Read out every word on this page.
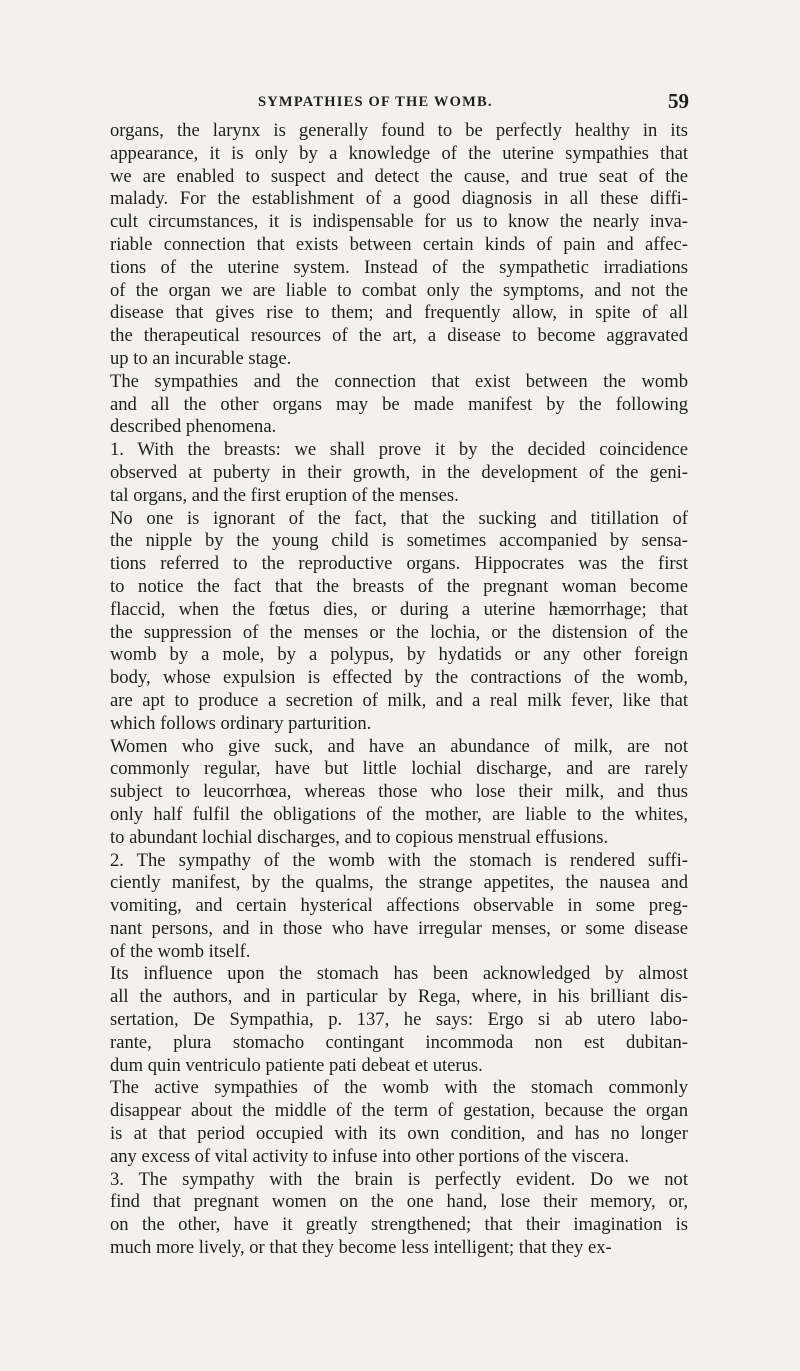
SYMPATHIES OF THE WOMB.	59

organs, the larynx is generally found to be perfectly healthy in its

appearance, it is only by a knowledge of the uterine sympathies that

we are enabled to suspect and detect the cause, and true seat of the

malady. For the establishment of a good diagnosis in all these diffi-

cult circumstances, it is indispensable for us to know the nearly inva-

riable connection that exists between certain kinds of pain and affec-

tions of the uterine system. Instead of the sympathetic irradiations

of the organ we are liable to combat only the symptoms, and not the

disease that gives rise to them; and frequently allow, in spite of all

the therapeutical resources of the art, a disease to become aggravated

up to an incurable stage.

The sympathies and the connection that exist between the womb

and all the other organs may be made manifest by the following

described phenomena.

1. With the breasts: we shall prove it by the decided coincidence

observed at puberty in their growth, in the development of the geni-

tal organs, and the first eruption of the menses.

No one is ignorant of the fact, that the sucking and titillation of

the nipple by the young child is sometimes accompanied by sensa-

tions referred to the reproductive organs. Hippocrates was the first

to notice the fact that the breasts of the pregnant woman become

flaccid, when the fœtus dies, or during a uterine hæmorrhage; that

the suppression of the menses or the lochia, or the distension of the

womb by a mole, by a polypus, by hydatids or any other foreign

body, whose expulsion is effected by the contractions of the womb,

are apt to produce a secretion of milk, and a real milk fever, like that

which follows ordinary parturition.

Women who give suck, and have an abundance of milk, are not

commonly regular, have but little lochial discharge, and are rarely

subject to leucorrhœa, whereas those who lose their milk, and thus

only half fulfil the obligations of the mother, are liable to the whites,

to abundant lochial discharges, and to copious menstrual effusions.

2. The sympathy of the womb with the stomach is rendered suffi-

ciently manifest, by the qualms, the strange appetites, the nausea and

vomiting, and certain hysterical affections observable in some preg-

nant persons, and in those who have irregular menses, or some disease

of the womb itself.

Its influence upon the stomach has been acknowledged by almost

all the authors, and in particular by Rega, where, in his brilliant dis-

sertation, De Sympathia, p. 137, he says: Ergo si ab utero labo-

rante, plura stomacho contingant incommoda non est dubitan-

dum quin ventriculo patiente pati debeat et uterus.

The active sympathies of the womb with the stomach commonly

disappear about the middle of the term of gestation, because the organ

is at that period occupied with its own condition, and has no longer

any excess of vital activity to infuse into other portions of the viscera.

3. The sympathy with the brain is perfectly evident. Do we not

find that pregnant women on the one hand, lose their memory, or,

on the other, have it greatly strengthened; that their imagination is

much more lively, or that they become less intelligent; that they ex-
